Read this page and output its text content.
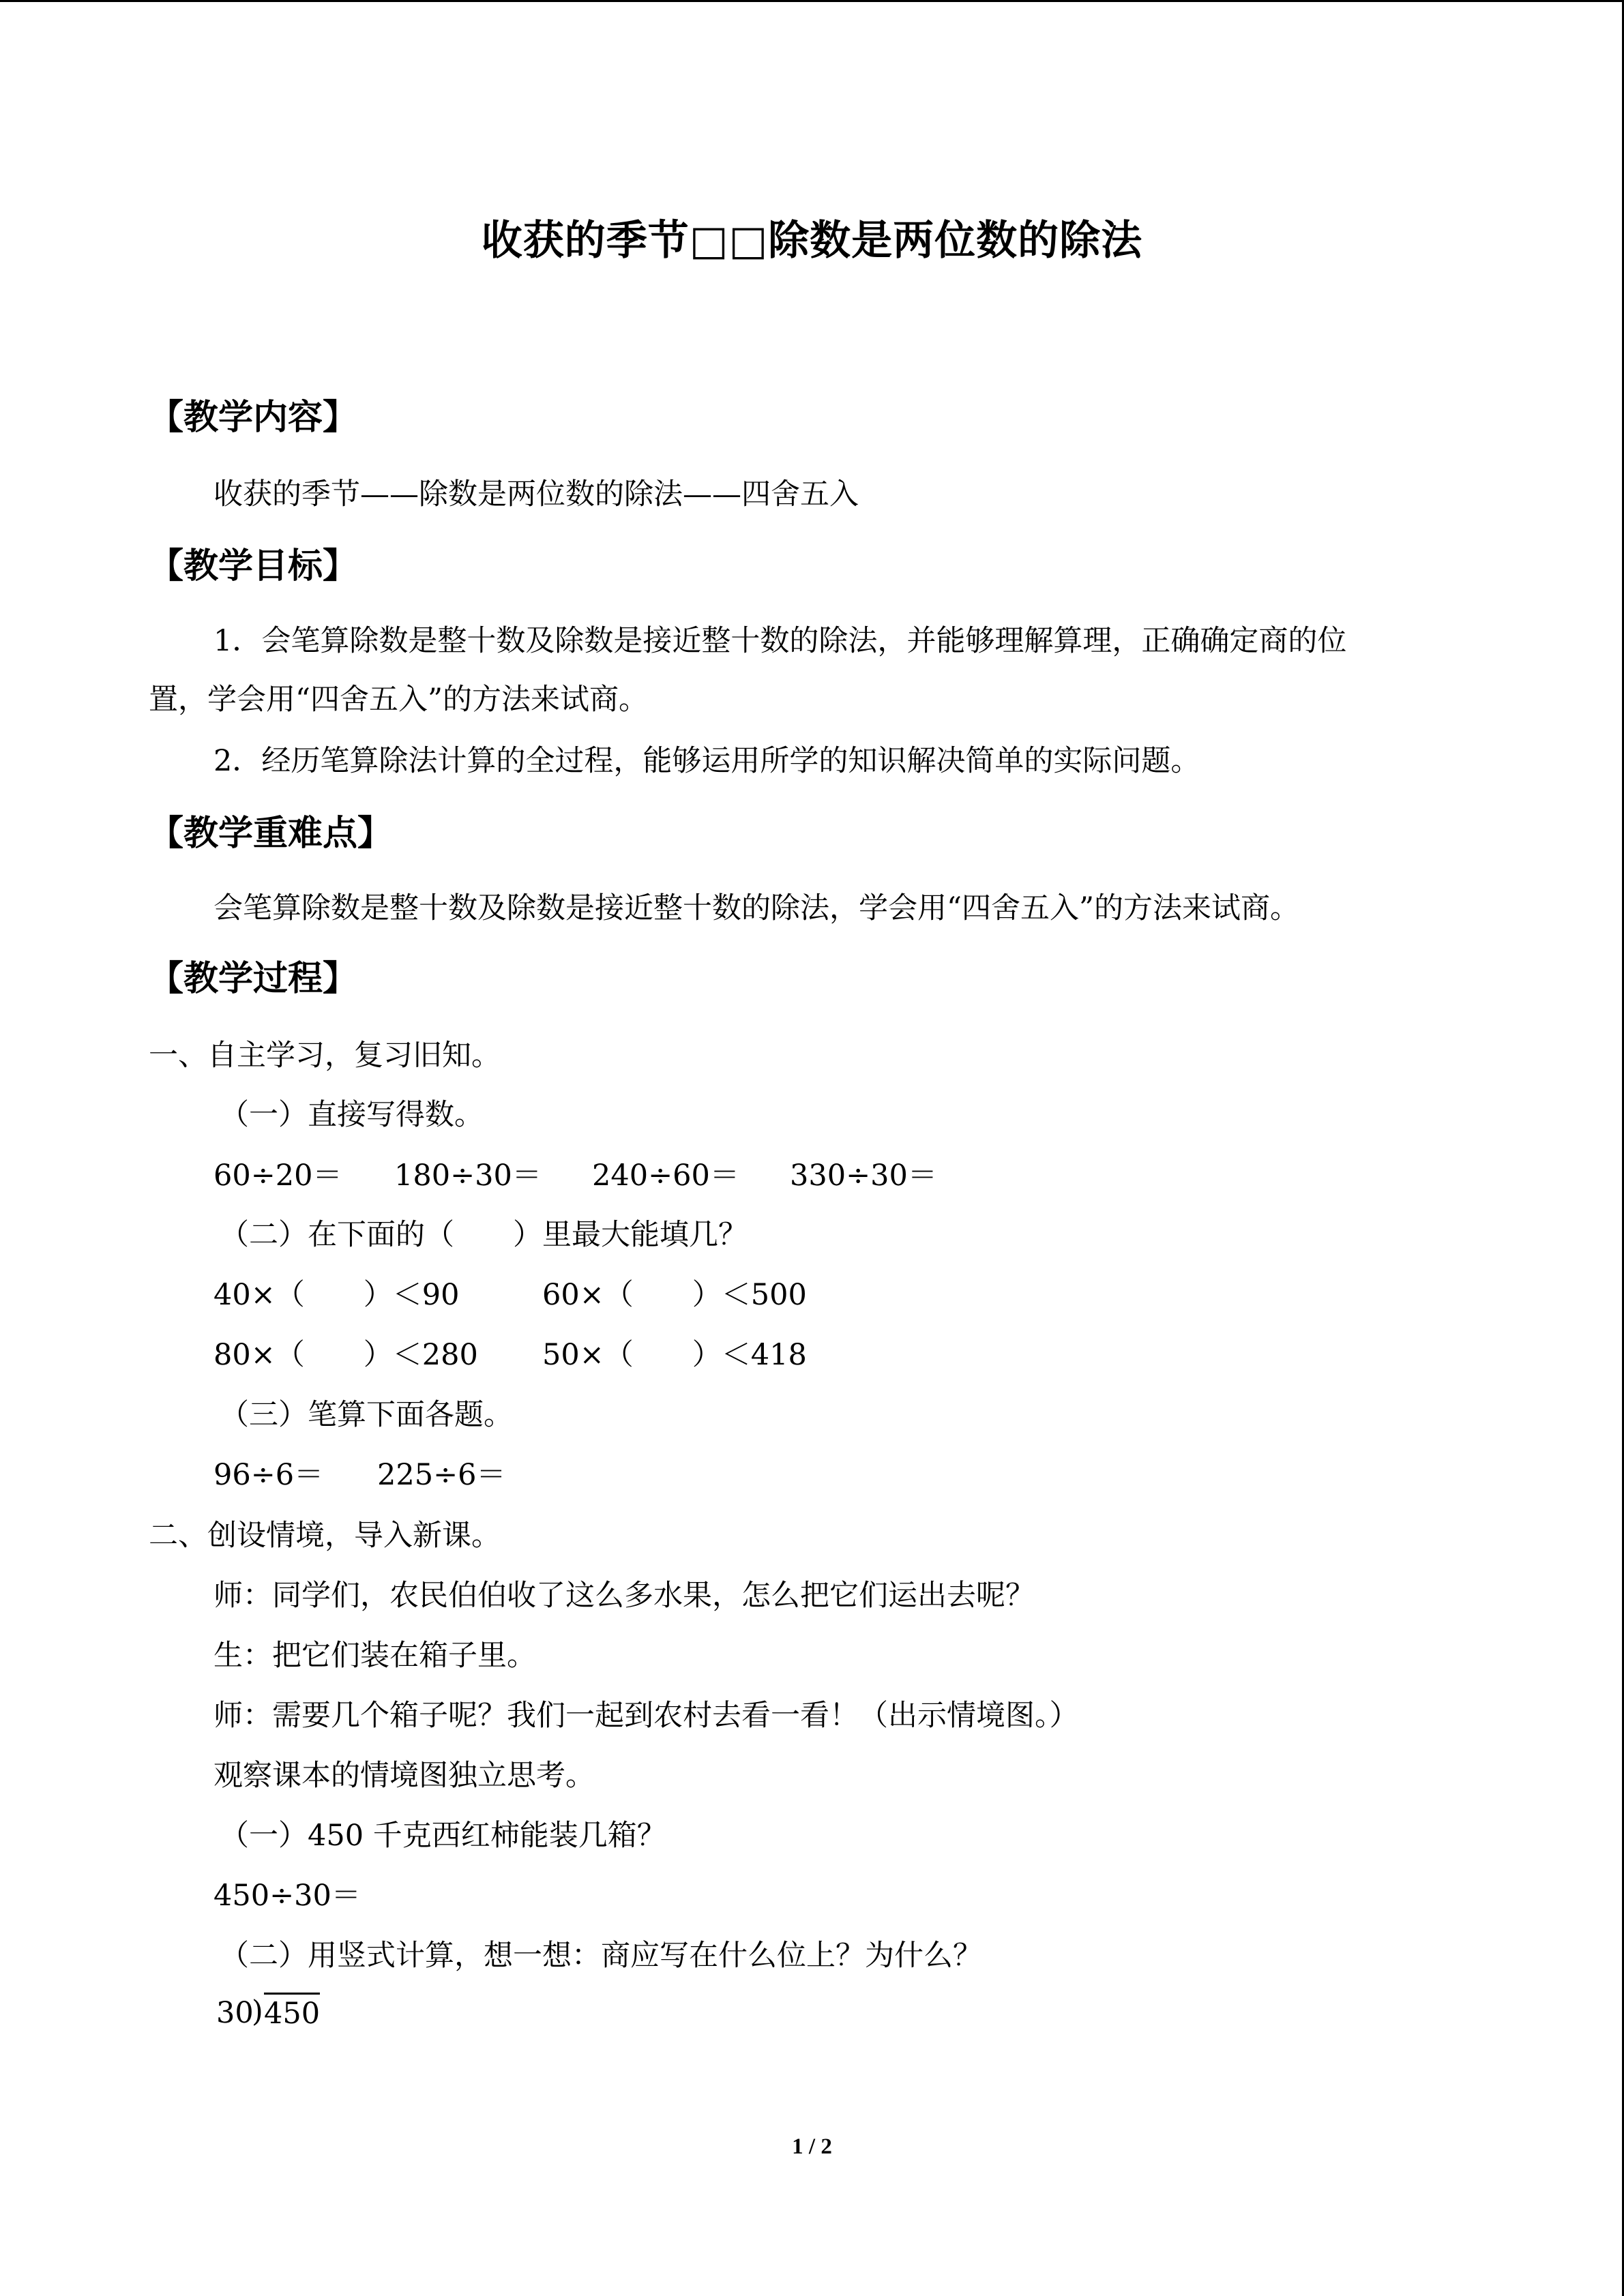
收获的季节□□除数是两位数的除法
【教学内容】
收获的季节——除数是两位数的除法——四舍五入
【教学目标】
1．会笔算除数是整十数及除数是接近整十数的除法，并能够理解算理，正确确定商的位
置，学会用“四舍五入”的方法来试商。
2．经历笔算除法计算的全过程，能够运用所学的知识解决简单的实际问题。
【教学重难点】
会笔算除数是整十数及除数是接近整十数的除法，学会用“四舍五入”的方法来试商。
【教学过程】
一、自主学习，复习旧知。
（一）直接写得数。
60÷20＝ 180÷30＝ 240÷60＝ 330÷30＝
（二）在下面的（　　）里最大能填几？
40×（　　）＜90	60×（　　）＜500
80×（　　）＜280 50×（　　）＜418
（三）笔算下面各题。
96÷6＝ 225÷6＝
二、创设情境，导入新课。
师：同学们，农民伯伯收了这么多水果，怎么把它们运出去呢？
生：把它们装在箱子里。
师：需要几个箱子呢？我们一起到农村去看一看！（出示情境图。）
观察课本的情境图独立思考。
（一）450 千克西红柿能装几箱？
450÷30＝
（二）用竖式计算，想一想：商应写在什么位上？为什么？
30
) 450
1 / 2
